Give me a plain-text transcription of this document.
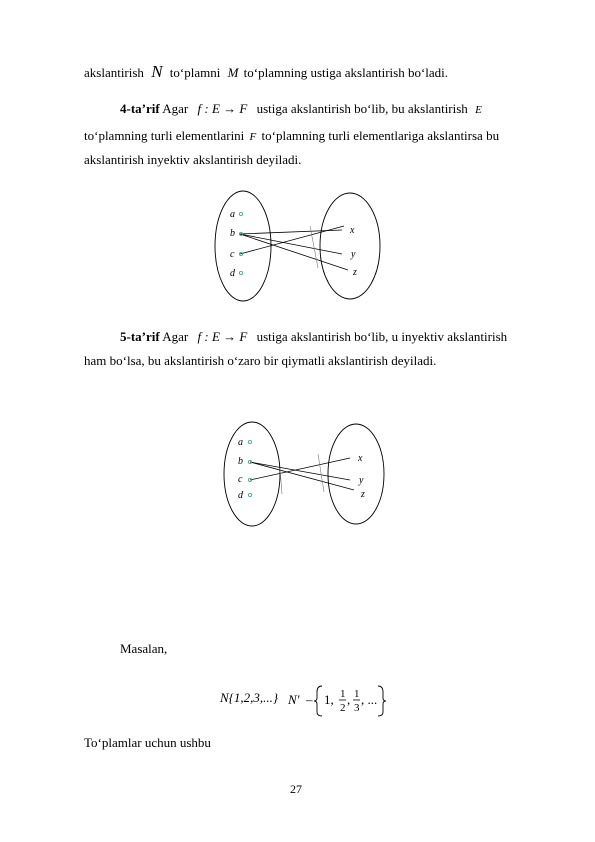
akslantirish N to‘plamni M to‘plamning ustiga akslantirish bo‘ladi.
4-ta’rif Agar f : E → F ustiga akslantirish bo‘lib, bu akslantirish E
to‘plamning turli elementlarini F to‘plamning turli elementlariga akslantirsa bu
akslantirish inyektiv akslantirish deyiladi.
a
b
c
d
x
y
z
5-ta’rif Agar f : E → F ustiga akslantirish bo‘lib, u inyektiv akslantirish
ham bo‘lsa, bu akslantirish o‘zaro bir qiymatli akslantirish deyiladi.
a
b
c
d
x
y
z
Masalan,
N{1,2,3,...} N′ – 1, 1
2
, 1
3
, ...
To‘plamlar uchun ushbu
27
